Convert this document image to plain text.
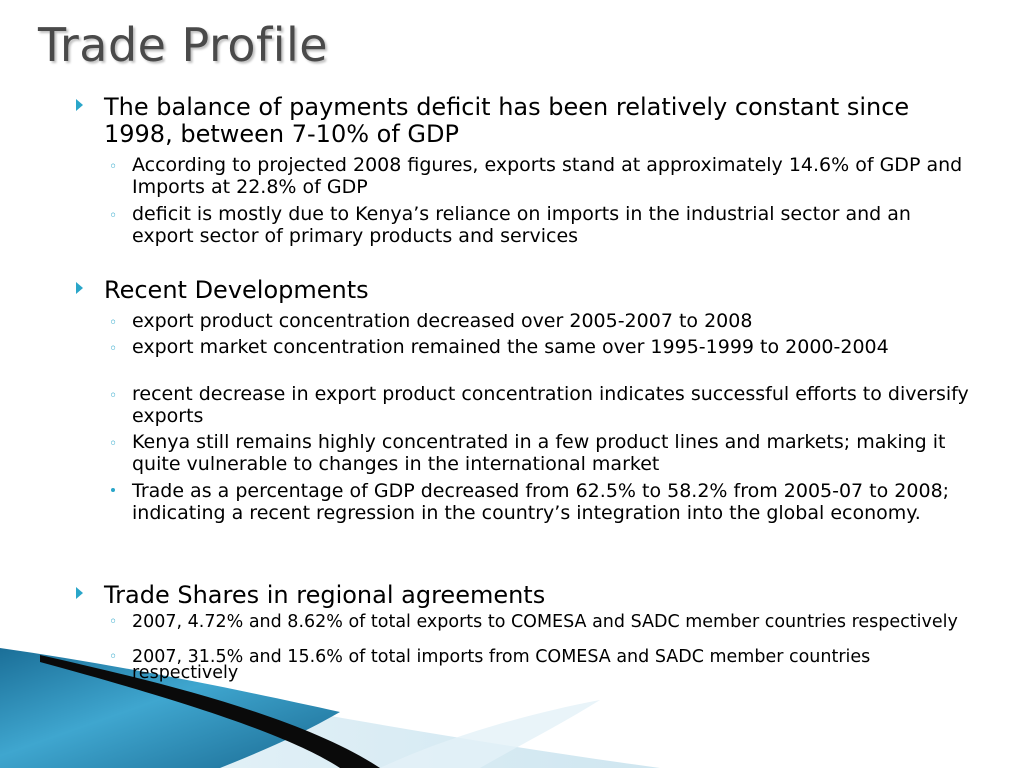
Trade Profile
The balance of payments deficit has been relatively constant since 1998, between 7-10% of GDP
◦ According to projected 2008 figures, exports stand at approximately 14.6% of GDP and Imports at 22.8% of GDP
◦ deficit is mostly due to Kenya’s reliance on imports in the industrial sector and an export sector of primary products and services
Recent Developments
◦ export product concentration decreased over 2005-2007 to 2008
◦ export market concentration remained the same over 1995-1999 to 2000-2004
◦ recent decrease in export product concentration indicates successful efforts to diversify exports
◦ Kenya still remains highly concentrated in a few product lines and markets; making it quite vulnerable to changes in the international market
Trade as a percentage of GDP decreased from 62.5% to 58.2% from 2005-07 to 2008; indicating a recent regression in the country’s integration into the global economy.
Trade Shares in regional agreements
◦ 2007, 4.72% and 8.62% of total exports to COMESA and SADC member countries respectively
◦ 2007, 31.5% and 15.6% of total imports from COMESA and SADC member countries respectively
